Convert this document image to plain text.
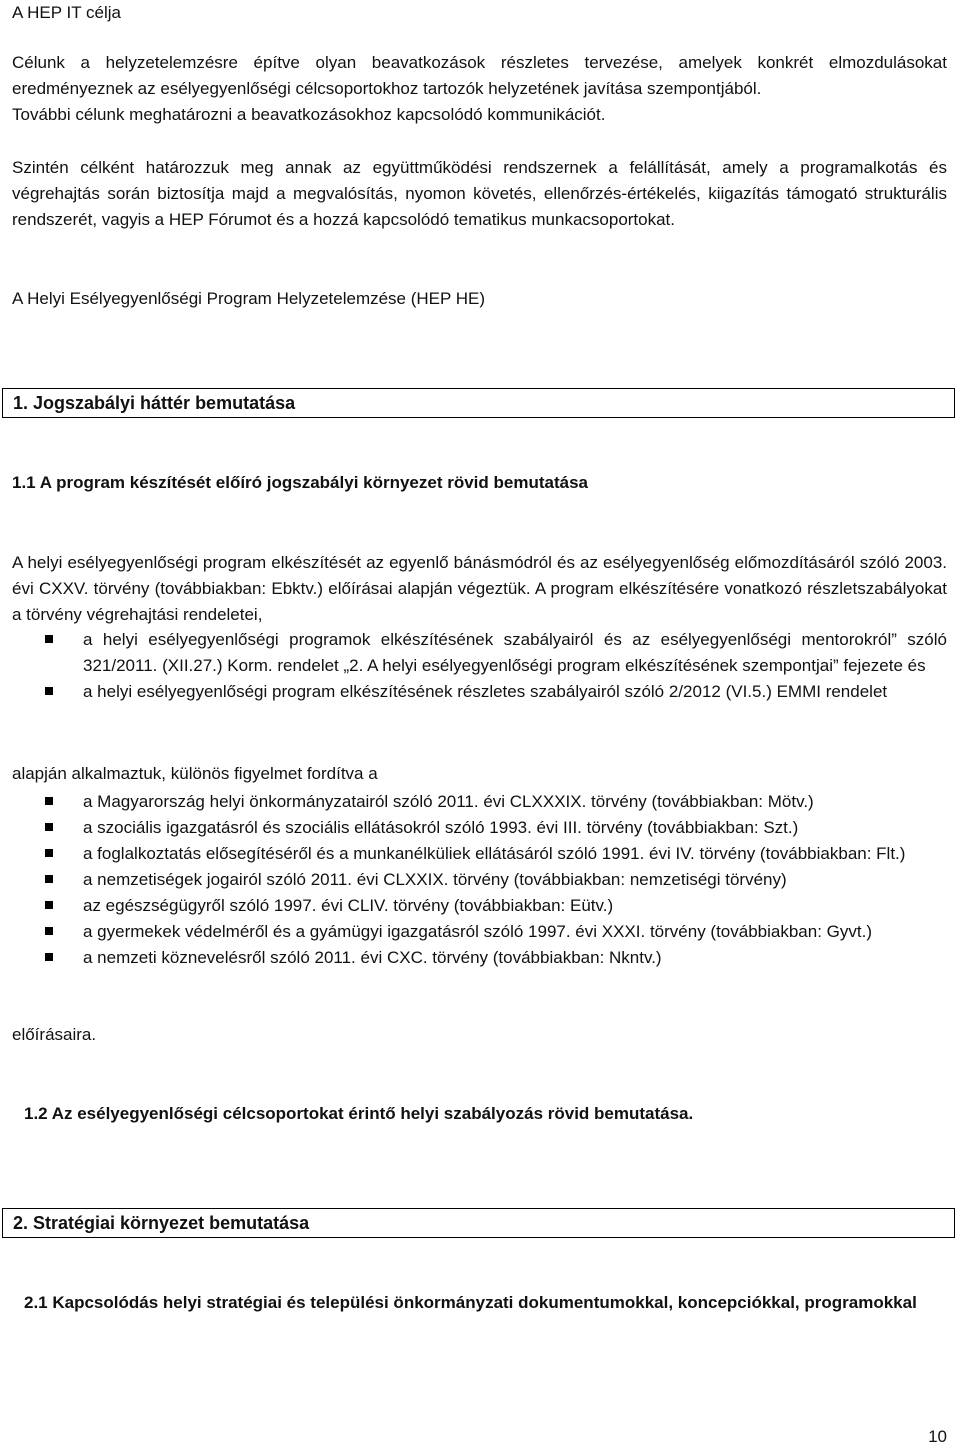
A HEP IT célja

Célunk a helyzetelemzésre építve olyan beavatkozások részletes tervezése, amelyek konkrét elmozdulásokat eredményeznek az esélyegyenlőségi célcsoportokhoz tartozók helyzetének javítása szempontjából.

További célunk meghatározni a beavatkozásokhoz kapcsolódó kommunikációt.

Szintén célként határozzuk meg annak az együttműködési rendszernek a felállítását, amely a programalkotás és végrehajtás során biztosítja majd a megvalósítás, nyomon követés, ellenőrzés-értékelés, kiigazítás támogató strukturális rendszerét, vagyis a HEP Fórumot és a hozzá kapcsolódó tematikus munkacsoportokat.

A Helyi Esélyegyenlőségi Program Helyzetelemzése (HEP HE)

1. Jogszabályi háttér bemutatása

1.1 A program készítését előíró jogszabályi környezet rövid bemutatása

A helyi esélyegyenlőségi program elkészítését az egyenlő bánásmódról és az esélyegyenlőség előmozdításáról szóló 2003. évi CXXV. törvény (továbbiakban: Ebktv.) előírásai alapján végeztük. A program elkészítésére vonatkozó részletszabályokat a törvény végrehajtási rendeletei,

a helyi esélyegyenlőségi programok elkészítésének szabályairól és az esélyegyenlőségi mentorokról” szóló 321/2011. (XII.27.) Korm. rendelet „2. A helyi esélyegyenlőségi program elkészítésének szempontjai” fejezete és
a helyi esélyegyenlőségi program elkészítésének részletes szabályairól szóló 2/2012 (VI.5.) EMMI rendelet

alapján alkalmaztuk, különös figyelmet fordítva a

a Magyarország helyi önkormányzatairól szóló 2011. évi CLXXXIX. törvény (továbbiakban: Mötv.)
a szociális igazgatásról és szociális ellátásokról szóló 1993. évi III. törvény (továbbiakban: Szt.)
a foglalkoztatás elősegítéséről és a munkanélküliek ellátásáról szóló 1991. évi IV. törvény (továbbiakban: Flt.)
a nemzetiségek jogairól szóló 2011. évi CLXXIX. törvény (továbbiakban: nemzetiségi törvény)
az egészségügyről szóló 1997. évi CLIV. törvény (továbbiakban: Eütv.)
a gyermekek védelméről és a gyámügyi igazgatásról szóló 1997. évi XXXI. törvény (továbbiakban: Gyvt.)
a nemzeti köznevelésről szóló 2011. évi CXC. törvény (továbbiakban: Nkntv.)

előírásaira.

1.2 Az esélyegyenlőségi célcsoportokat érintő helyi szabályozás rövid bemutatása.

2. Stratégiai környezet bemutatása

2.1 Kapcsolódás helyi stratégiai és települési önkormányzati dokumentumokkal, koncepciókkal, programokkal

10
